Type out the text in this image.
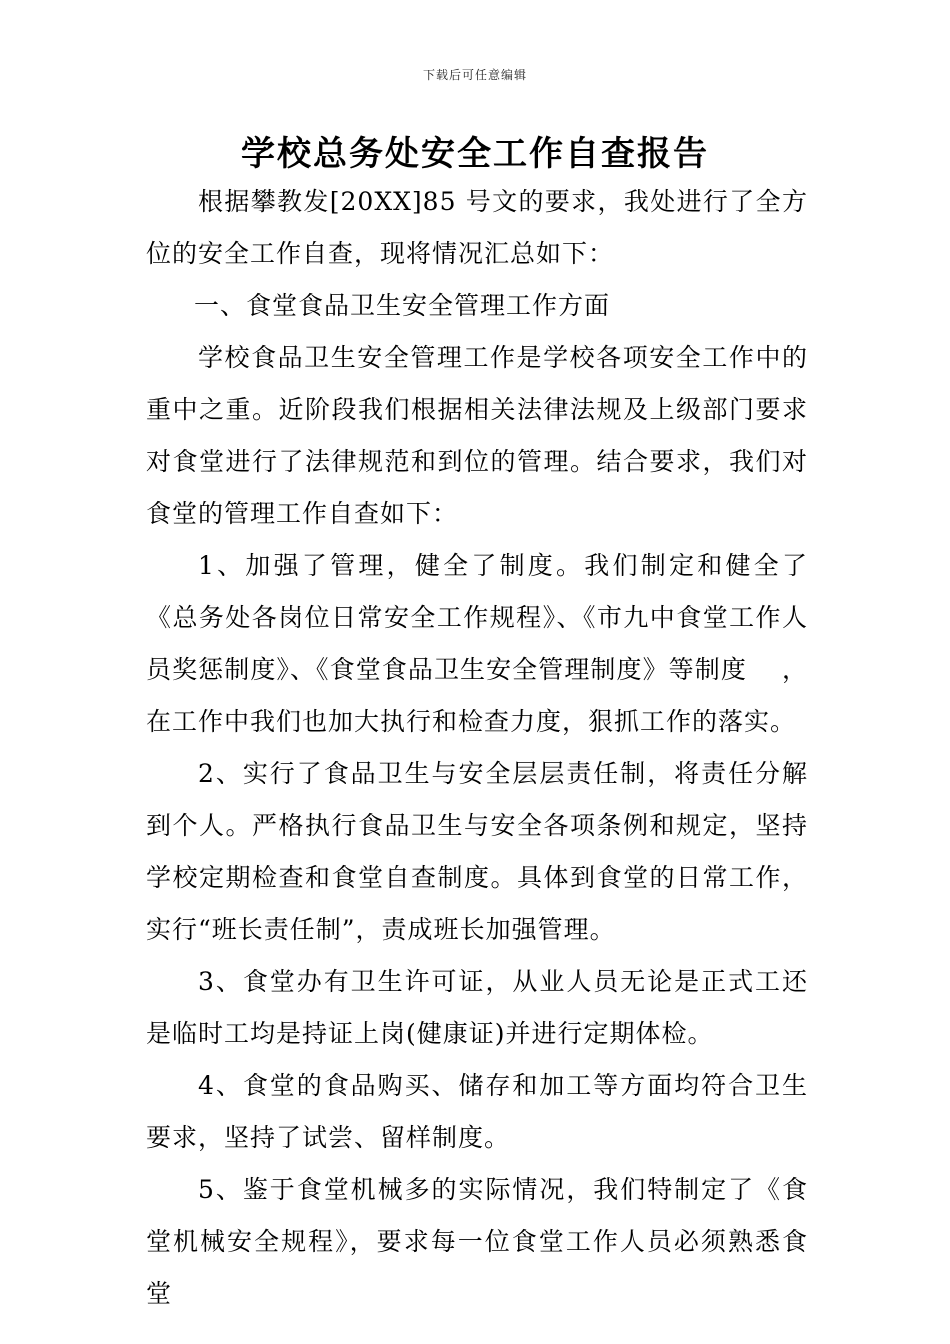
下载后可任意编辑
学校总务处安全工作自查报告

根据攀教发[20XX]85 号文的要求，我处进行了全方位的安全工作自查，现将情况汇总如下：

一、食堂食品卫生安全管理工作方面

学校食品卫生安全管理工作是学校各项安全工作中的重中之重。近阶段我们根据相关法律法规及上级部门要求对食堂进行了法律规范和到位的管理。结合要求，我们对食堂的管理工作自查如下：

1、加强了管理，健全了制度。我们制定和健全了《总务处各岗位日常安全工作规程》、《市九中食堂工作人员奖惩制度》、《食堂食品卫生安全管理制度》等制度　 ，在工作中我们也加大执行和检查力度，狠抓工作的落实。

2、实行了食品卫生与安全层层责任制，将责任分解到个人。严格执行食品卫生与安全各项条例和规定，坚持学校定期检查和食堂自查制度。具体到食堂的日常工作，实行“班长责任制”，责成班长加强管理。

3、食堂办有卫生许可证，从业人员无论是正式工还是临时工均是持证上岗(健康证)并进行定期体检。

4、食堂的食品购买、储存和加工等方面均符合卫生要求，坚持了试尝、留样制度。

5、鉴于食堂机械多的实际情况，我们特制定了《食堂机械安全规程》，要求每一位食堂工作人员必须熟悉食堂
